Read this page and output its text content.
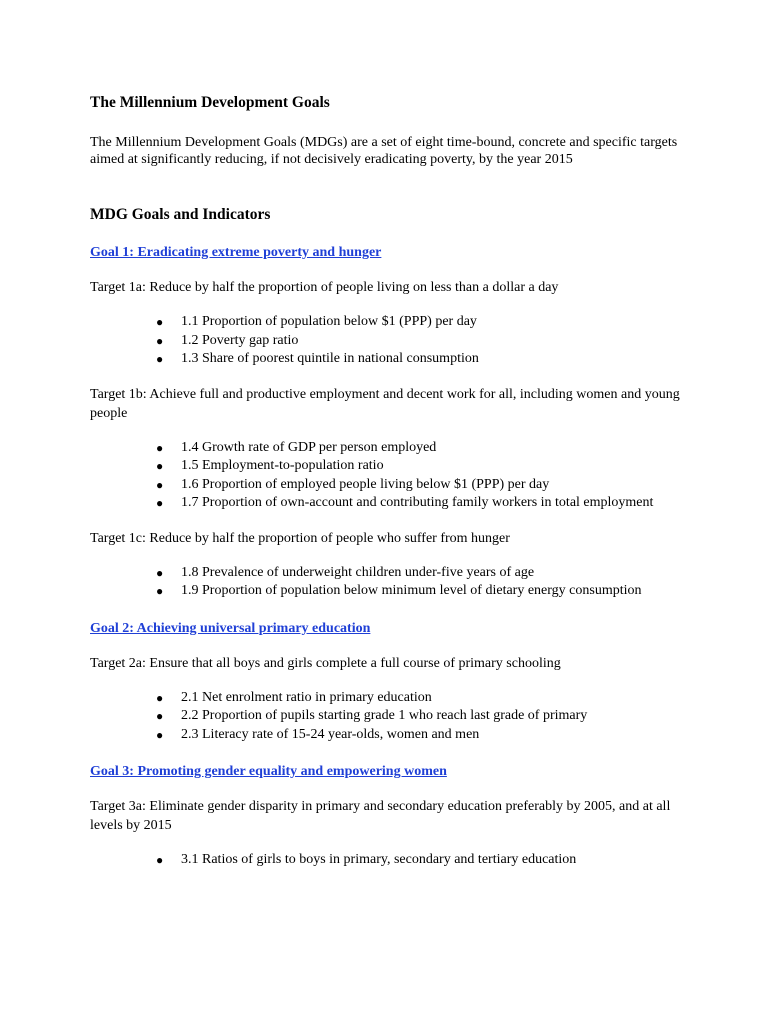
The Millennium Development Goals

The Millennium Development Goals (MDGs) are a set of eight time-bound, concrete and specific targets aimed at significantly reducing, if not decisively eradicating poverty, by the year 2015

MDG Goals and Indicators
Goal 1: Eradicating extreme poverty and hunger

Target 1a: Reduce by half the proportion of people living on less than a dollar a day

● 1.1 Proportion of population below $1 (PPP) per day
● 1.2 Poverty gap ratio
● 1.3 Share of poorest quintile in national consumption

Target 1b: Achieve full and productive employment and decent work for all, including women and young people

● 1.4 Growth rate of GDP per person employed
● 1.5 Employment-to-population ratio
● 1.6 Proportion of employed people living below $1 (PPP) per day
● 1.7 Proportion of own-account and contributing family workers in total employment

Target 1c: Reduce by half the proportion of people who suffer from hunger

● 1.8 Prevalence of underweight children under-five years of age
● 1.9 Proportion of population below minimum level of dietary energy consumption
Goal 2: Achieving universal primary education

Target 2a: Ensure that all boys and girls complete a full course of primary schooling

● 2.1 Net enrolment ratio in primary education
● 2.2 Proportion of pupils starting grade 1 who reach last grade of primary
● 2.3 Literacy rate of 15-24 year-olds, women and men
Goal 3: Promoting gender equality and empowering women

Target 3a: Eliminate gender disparity in primary and secondary education preferably by 2005, and at all levels by 2015

● 3.1 Ratios of girls to boys in primary, secondary and tertiary education
